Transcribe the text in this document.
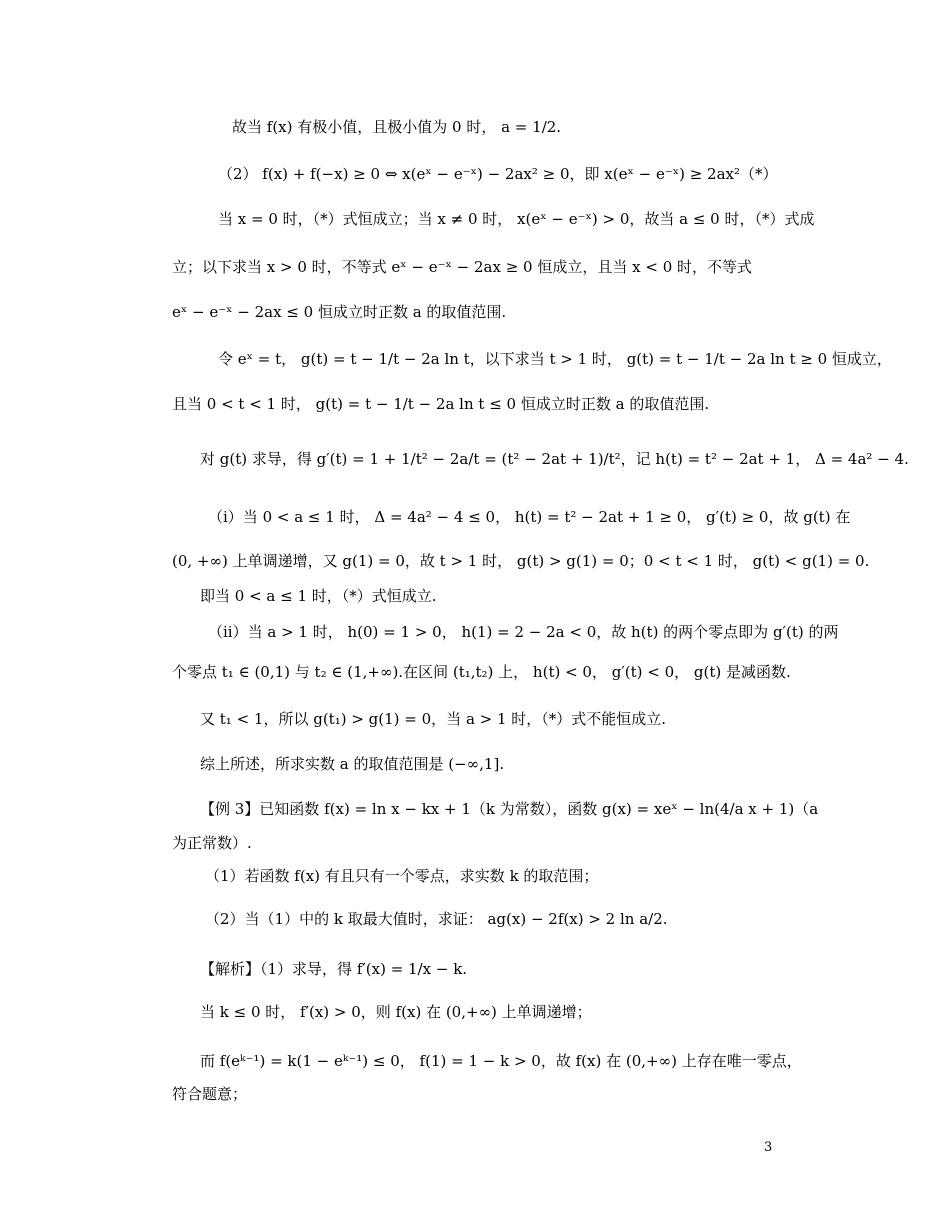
故当 f(x) 有极小值，且极小值为 0 时， a = 1/2.
（2） f(x) + f(−x) ≥ 0 ⇔ x(eˣ − e⁻ˣ) − 2ax² ≥ 0，即 x(eˣ − e⁻ˣ) ≥ 2ax²（*）
当 x = 0 时，（*）式恒成立；当 x ≠ 0 时， x(eˣ − e⁻ˣ) > 0，故当 a ≤ 0 时，（*）式成
立；以下求当 x > 0 时，不等式 eˣ − e⁻ˣ − 2ax ≥ 0 恒成立，且当 x < 0 时，不等式
eˣ − e⁻ˣ − 2ax ≤ 0 恒成立时正数 a 的取值范围.
令 eˣ = t， g(t) = t − 1/t − 2a ln t，以下求当 t > 1 时， g(t) = t − 1/t − 2a ln t ≥ 0 恒成立，
且当 0 < t < 1 时， g(t) = t − 1/t − 2a ln t ≤ 0 恒成立时正数 a 的取值范围.
对 g(t) 求导，得 g′(t) = 1 + 1/t² − 2a/t = (t² − 2at + 1)/t²，记 h(t) = t² − 2at + 1， Δ = 4a² − 4.
（i）当 0 < a ≤ 1 时， Δ = 4a² − 4 ≤ 0， h(t) = t² − 2at + 1 ≥ 0， g′(t) ≥ 0，故 g(t) 在
(0, +∞) 上单调递增，又 g(1) = 0，故 t > 1 时， g(t) > g(1) = 0；0 < t < 1 时， g(t) < g(1) = 0.
即当 0 < a ≤ 1 时，（*）式恒成立.
（ii）当 a > 1 时， h(0) = 1 > 0， h(1) = 2 − 2a < 0，故 h(t) 的两个零点即为 g′(t) 的两
个零点 t₁ ∈ (0,1) 与 t₂ ∈ (1,+∞).在区间 (t₁,t₂) 上， h(t) < 0， g′(t) < 0， g(t) 是减函数.
又 t₁ < 1，所以 g(t₁) > g(1) = 0，当 a > 1 时，（*）式不能恒成立.
综上所述，所求实数 a 的取值范围是 (−∞,1].
【例 3】已知函数 f(x) = ln x − kx + 1（k 为常数），函数 g(x) = xeˣ − ln(4/a x + 1)（a
为正常数）.
（1）若函数 f(x) 有且只有一个零点，求实数 k 的取范围；
（2）当（1）中的 k 取最大值时，求证： ag(x) − 2f(x) > 2 ln a/2.
【解析】（1）求导，得 f′(x) = 1/x − k.
当 k ≤ 0 时， f′(x) > 0，则 f(x) 在 (0,+∞) 上单调递增；
而 f(eᵏ⁻¹) = k(1 − eᵏ⁻¹) ≤ 0， f(1) = 1 − k > 0，故 f(x) 在 (0,+∞) 上存在唯一零点，
符合题意；
3
